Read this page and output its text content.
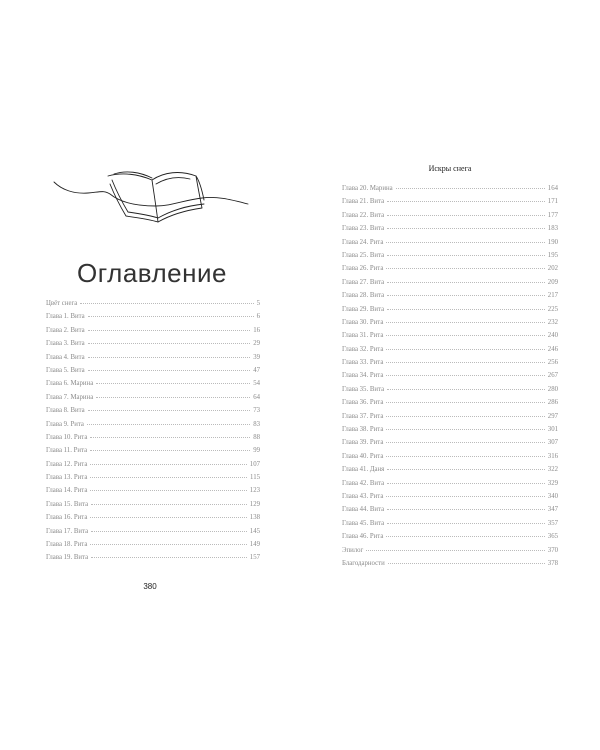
Оглавление
Цвёт снега	5
Глава 1. Вита	6
Глава 2. Вита	16
Глава 3. Вита	29
Глава 4. Вита	39
Глава 5. Вита	47
Глава 6. Марина	54
Глава 7. Марина	64
Глава 8. Вита	73
Глава 9. Рита	83
Глава 10. Рита	88
Глава 11. Рита	99
Глава 12. Рита	107
Глава 13. Рита	115
Глава 14. Рита	123
Глава 15. Вита	129
Глава 16. Рита	138
Глава 17. Вита	145
Глава 18. Рита	149
Глава 19. Вита	157
380
Искры снега
Глава 20. Марина	164
Глава 21. Вита	171
Глава 22. Вита	177
Глава 23. Вита	183
Глава 24. Рита	190
Глава 25. Вита	195
Глава 26. Рита	202
Глава 27. Вита	209
Глава 28. Вита	217
Глава 29. Вита	225
Глава 30. Рита	232
Глава 31. Рита	240
Глава 32. Рита	246
Глава 33. Рита	256
Глава 34. Рита	267
Глава 35. Вита	280
Глава 36. Рита	286
Глава 37. Рита	297
Глава 38. Рита	301
Глава 39. Рита	307
Глава 40. Рита	316
Глава 41. Даня	322
Глава 42. Вита	329
Глава 43. Рита	340
Глава 44. Вита	347
Глава 45. Вита	357
Глава 46. Рита	365
Эпилог	370
Благодарности	378
